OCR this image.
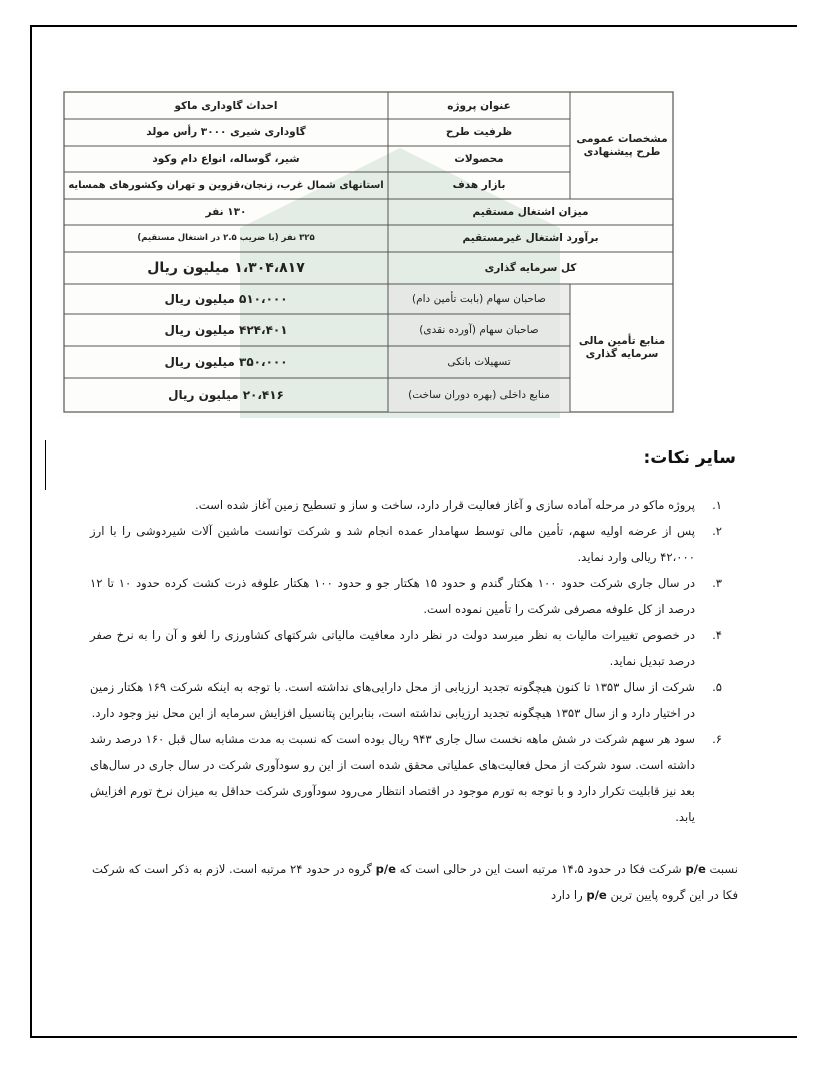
مشخصات عمومی طرح پیشنهادی
منابع تأمین مالی سرمایه گذاری
عنوان پروژه
ظرفیت طرح
محصولات
بازار هدف
میزان اشتغال مستقیم
برآورد اشتغال غیرمستقیم
کل سرمایه گذاری
صاحبان سهام (بابت تأمین دام)
صاحبان سهام (آورده نقدی)
تسهیلات بانکی
منابع داخلی (بهره دوران ساخت)
احداث گاوداری ماکو
گاوداری شیری ۳۰۰۰ رأس مولد
شیر، گوساله، انواع دام وکود
استانهای شمال غرب، زنجان،قزوین و تهران وکشورهای همسایه
۱۳۰ نفر
۳۲۵ نفر (با ضریب ۲.۵ در اشتغال مستقیم)
۱،۳۰۴،۸۱۷ میلیون ریال
۵۱۰،۰۰۰ میلیون ریال
۴۲۴،۴۰۱ میلیون ریال
۳۵۰،۰۰۰ میلیون ریال
۲۰،۴۱۶ میلیون ریال
سایر نکات:
۱.
پروژه ماکو در مرحله آماده سازی و آغاز فعالیت قرار دارد، ساخت و ساز و تسطیح زمین آغاز شده است.
۲.
پس از عرضه اولیه سهم، تأمین مالی توسط سهامدار عمده انجام شد و شرکت توانست ماشین آلات شیردوشی را با ارز ۴۲،۰۰۰ ریالی وارد نماید.
۳.
در سال جاری شرکت حدود ۱۰۰ هکتار گندم و حدود ۱۵ هکتار جو و حدود ۱۰۰ هکتار علوفه ذرت کشت کرده حدود ۱۰ تا ۱۲ درصد از کل علوفه مصرفی شرکت را تأمین نموده است.
۴.
در خصوص تغییرات مالیات به نظر میرسد دولت در نظر دارد معافیت مالیاتی شرکتهای کشاورزی را لغو و آن را به نرخ صفر درصد تبدیل نماید.
۵.
شرکت از سال ۱۳۵۳ تا کنون هیچگونه تجدید ارزیابی از محل دارایی‌های نداشته است. با توجه به اینکه شرکت ۱۶۹ هکتار زمین در اختیار دارد و از سال ۱۳۵۳ هیچگونه تجدید ارزیابی نداشته است، بنابراین پتانسیل افزایش سرمایه از این محل نیز وجود دارد.
۶.
سود هر سهم شرکت در شش ماهه نخست سال جاری ۹۴۳ ریال بوده است که نسبت به مدت مشابه سال قبل ۱۶۰ درصد رشد داشته است. سود شرکت از محل فعالیت‌های عملیاتی محقق شده است از این رو سودآوری شرکت در سال جاری در سال‌های بعد نیز قابلیت تکرار دارد و با توجه به تورم موجود در اقتصاد انتظار می‌رود سودآوری شرکت حداقل به میزان نرخ تورم افزایش یابد.
نسبت p/e شرکت فکا در حدود ۱۴،۵ مرتبه است این در حالی است که p/e گروه در حدود ۲۴ مرتبه است. لازم به ذکر است که شرکت فکا در این گروه پایین ترین p/e را دارد
